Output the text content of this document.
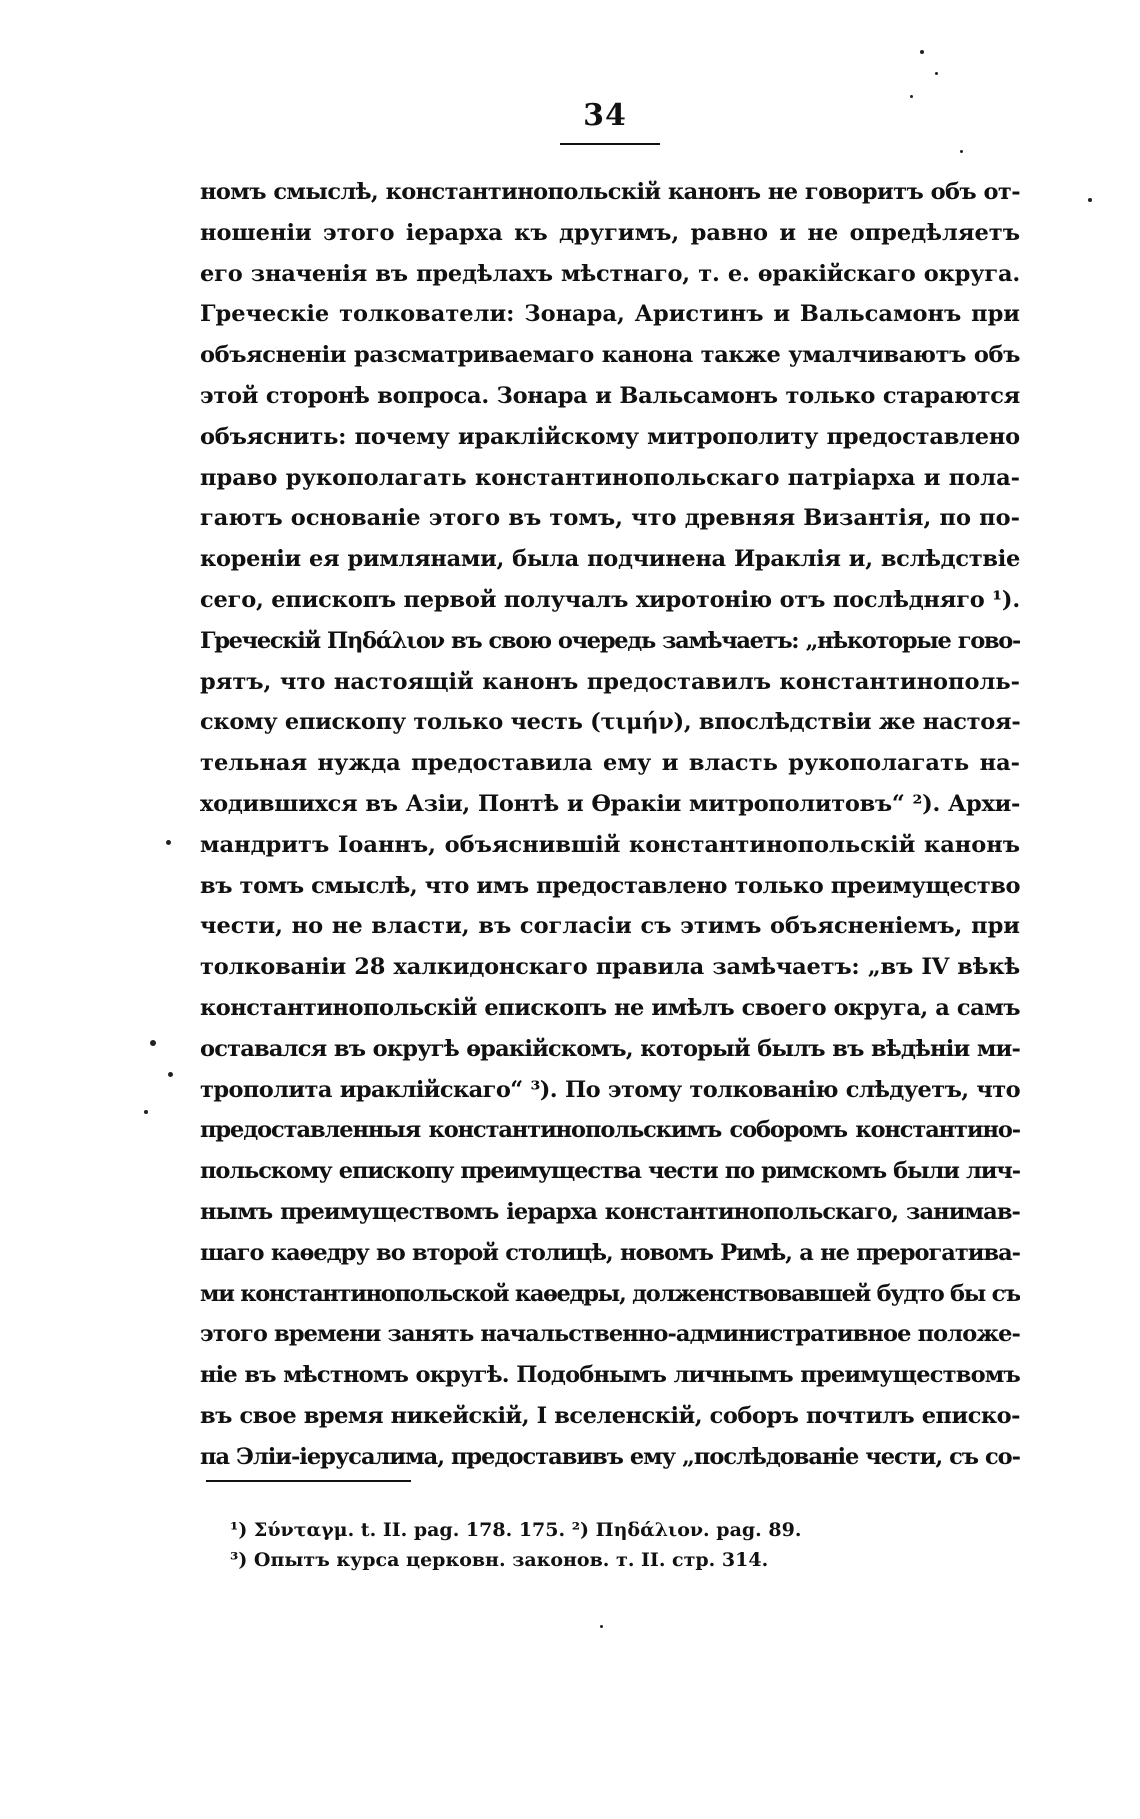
34
номъ смыслѣ, константинопольскій канонъ не говоритъ объ от-
ношеніи этого іерарха къ другимъ, равно и не опредѣляетъ
его значенія въ предѣлахъ мѣстнаго, т. е. ѳракійскаго округа.
Греческіе толкователи: Зонара, Аристинъ и Вальсамонъ при
объясненіи разсматриваемаго канона также умалчиваютъ объ
этой сторонѣ вопроса. Зонара и Вальсамонъ только стараются
объяснить: почему ираклійскому митрополиту предоставлено
право рукополагать константинопольскаго патріарха и пола-
гаютъ основаніе этого въ томъ, что древняя Византія, по по-
кореніи ея римлянами, была подчинена Ираклія и, вслѣдствіе
сего, епископъ первой получалъ хиротонію отъ послѣдняго ¹).
Греческій Πηδάλιον въ свою очередь замѣчаетъ: „нѣкоторые гово-
рятъ, что настоящій канонъ предоставилъ константинополь-
скому епископу только честь (τιμήν), впослѣдствіи же настоя-
тельная нужда предоставила ему и власть рукополагать на-
ходившихся въ Азіи, Понтѣ и Ѳракіи митрополитовъ“ ²). Архи-
мандритъ Іоаннъ, объяснившій константинопольскій канонъ
въ томъ смыслѣ, что имъ предоставлено только преимущество
чести, но не власти, въ согласіи съ этимъ объясненіемъ, при
толкованіи 28 халкидонскаго правила замѣчаетъ: „въ IV вѣкѣ
константинопольскій епископъ не имѣлъ своего округа, а самъ
оставался въ округѣ ѳракійскомъ, который былъ въ вѣдѣніи ми-
трополита ираклійскаго“ ³). По этому толкованію слѣдуетъ, что
предоставленныя константинопольскимъ соборомъ константино-
польскому епископу преимущества чести по римскомъ были лич-
нымъ преимуществомъ іерарха константинопольскаго, занимав-
шаго каѳедру во второй столицѣ, новомъ Римѣ, а не прерогатива-
ми константинопольской каѳедры, долженствовавшей будто бы съ
этого времени занять начальственно-административное положе-
ніе въ мѣстномъ округѣ. Подобнымъ личнымъ преимуществомъ
въ свое время никейскій, I вселенскій, соборъ почтилъ еписко-
па Эліи-іерусалима, предоставивъ ему „послѣдованіе чести, съ со-
¹) Σύνταγμ. t. II. pag. 178. 175. ²) Πηδάλιον. pag. 89.
³) Опытъ курса церковн. законов. т. II. стр. 314.
